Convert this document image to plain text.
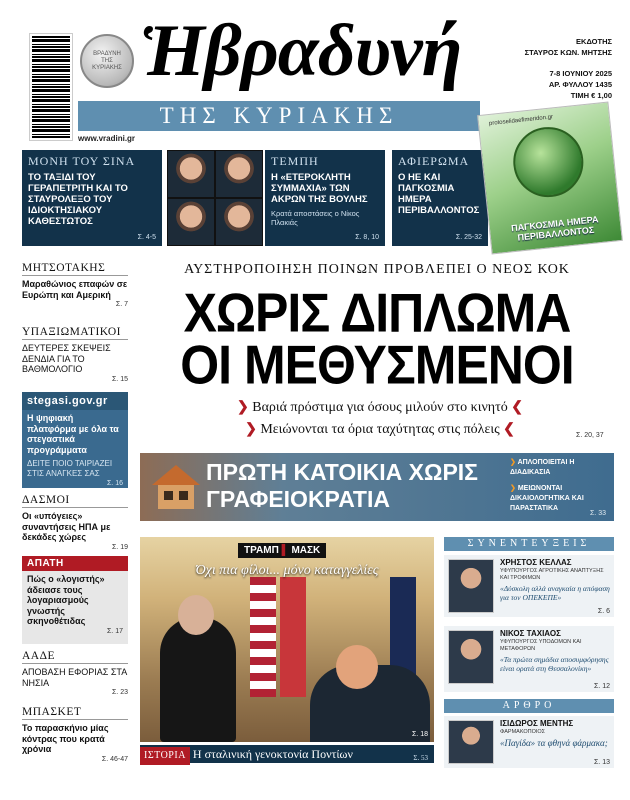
ΒΡΑΔΥΝΗ ΤΗΣ ΚΥΡΙΑΚΗΣ Ἡβραδυνή	ΕΚΔΟΤΗΣ
ΣΤΑΥΡΟΣ ΚΩΝ. ΜΗΤΣΗΣ
7-8 ΙΟΥΝΙΟΥ 2025
ΑΡ. ΦΥΛΛΟΥ 1435
ΤΙΜΗ € 1,00
ΤΗΣ ΚΥΡΙΑΚΗΣ
www.vradini.gr
ΜΟΝΗ ΤΟΥ ΣΙΝΑ
ΤΟ ΤΑΞΙΔΙ ΤΟΥ ΓΕΡΑΠΕΤΡΙΤΗ ΚΑΙ ΤΟ ΣΤΑΥΡΟΛΕΞΟ ΤΟΥ ΙΔΙΟΚΤΗΣΙΑΚΟΥ ΚΑΘΕΣΤΩΤΟΣ
Σ. 4-5
ΤΕΜΠΗ
Η «ΕΤΕΡΟΚΛΗΤΗ ΣΥΜΜΑΧΙΑ» ΤΩΝ ΑΚΡΩΝ ΤΗΣ ΒΟΥΛΗΣ
Κρατά αποστάσεις ο Νίκος Πλακιάς
Σ. 8, 10
ΑΦΙΕΡΩΜΑ
Ο ΗΕ ΚΑΙ ΠΑΓΚΟΣΜΙΑ ΗΜΕΡΑ ΠΕΡΙΒΑΛΛΟΝΤΟΣ
Σ. 25-32
protoselidaefimeridon.gr
ΠΑΓΚΟΣΜΙΑ ΗΜΕΡΑ ΠΕΡΙΒΑΛΛΟΝΤΟΣ
ΜΗΤΣΟΤΑΚΗΣ
Μαραθώνιος επαφών σε Ευρώπη και Αμερική
Σ. 7
ΥΠΑΞΙΩΜΑΤΙΚΟΙ
ΔΕΥΤΕΡΕΣ ΣΚΕΨΕΙΣ ΔΕΝΔΙΑ ΓΙΑ ΤΟ ΒΑΘΜΟΛΟΓΙΟ
Σ. 15
stegasi.gov.gr
Η ψηφιακή πλατφόρμα με όλα τα στεγαστικά προγράμματα
ΔΕΙΤΕ ΠΟΙΟ ΤΑΙΡΙΑΖΕΙ ΣΤΙΣ ΑΝΑΓΚΕΣ ΣΑΣ
Σ. 16
ΔΑΣΜΟΙ
Οι «υπόγειες» συναντήσεις ΗΠΑ με δεκάδες χώρες
Σ. 19
ΑΠΑΤΗ
Πώς ο «λογιστής» άδειασε τους λογαριασμούς γνωστής σκηνοθέτιδας
Σ. 17
ΑΑΔΕ
ΑΠΟΒΑΣΗ ΕΦΟΡΙΑΣ ΣΤΑ ΝΗΣΙΑ
Σ. 23
ΜΠΑΣΚΕΤ
Το παρασκήνιο μίας κόντρας που κρατά χρόνια
Σ. 46-47
ΑΥΣΤΗΡΟΠΟΙΗΣΗ ΠΟΙΝΩΝ ΠΡΟΒΛΕΠΕΙ Ο ΝΕΟΣ ΚΟΚ
ΧΩΡΙΣ ΔΙΠΛΩΜΑ
ΟΙ ΜΕΘΥΣΜΕΝΟΙ
❯ Βαριά πρόστιμα για όσους μιλούν στο κινητό ❮
❯ Μειώνονται τα όρια ταχύτητας στις πόλεις ❮	Σ. 20, 37
ΠΡΩΤΗ ΚΑΤΟΙΚΙΑ ΧΩΡΙΣ ΓΡΑΦΕΙΟΚΡΑΤΙΑ
❯ ΑΠΛΟΠΟΙΕΙΤΑΙ Η ΔΙΑΔΙΚΑΣΙΑ
❯ ΜΕΙΩΝΟΝΤΑΙ ΔΙΚΑΙΟΛΟΓΗΤΙΚΑ ΚΑΙ ΠΑΡΑΣΤΑΤΙΚΑ
Σ. 33
ΤΡΑΜΠ ▌ ΜΑΣΚ
Όχι πια φίλοι... μόνο καταγγελίες
Σ. 18
ΙΣΤΟΡΙΑ Η σταλινική γενοκτονία Ποντίων	Σ. 53
ΣΥΝΕΝΤΕΥΞΕΙΣ
ΧΡΗΣΤΟΣ ΚΕΛΛΑΣ
ΥΦΥΠΟΥΡΓΟΣ ΑΓΡΟΤΙΚΗΣ ΑΝΑΠΤΥΞΗΣ ΚΑΙ ΤΡΟΦΙΜΩΝ
«Δύσκολη αλλά αναγκαία η απόφαση για τον ΟΠΕΚΕΠΕ»
Σ. 6
ΝΙΚΟΣ ΤΑΧΙΑΟΣ
ΥΦΥΠΟΥΡΓΟΣ ΥΠΟΔΟΜΩΝ ΚΑΙ ΜΕΤΑΦΟΡΩΝ
«Τα πρώτα σημάδια αποσυμφόρησης είναι ορατά στη Θεσσαλονίκη»
Σ. 12
ΑΡΘΡΟ
ΙΣΙΔΩΡΟΣ ΜΕΝΤΗΣ
ΦΑΡΜΑΚΟΠΟΙΟΣ
«Παγίδα» τα φθηνά φάρμακα;
Σ. 13
